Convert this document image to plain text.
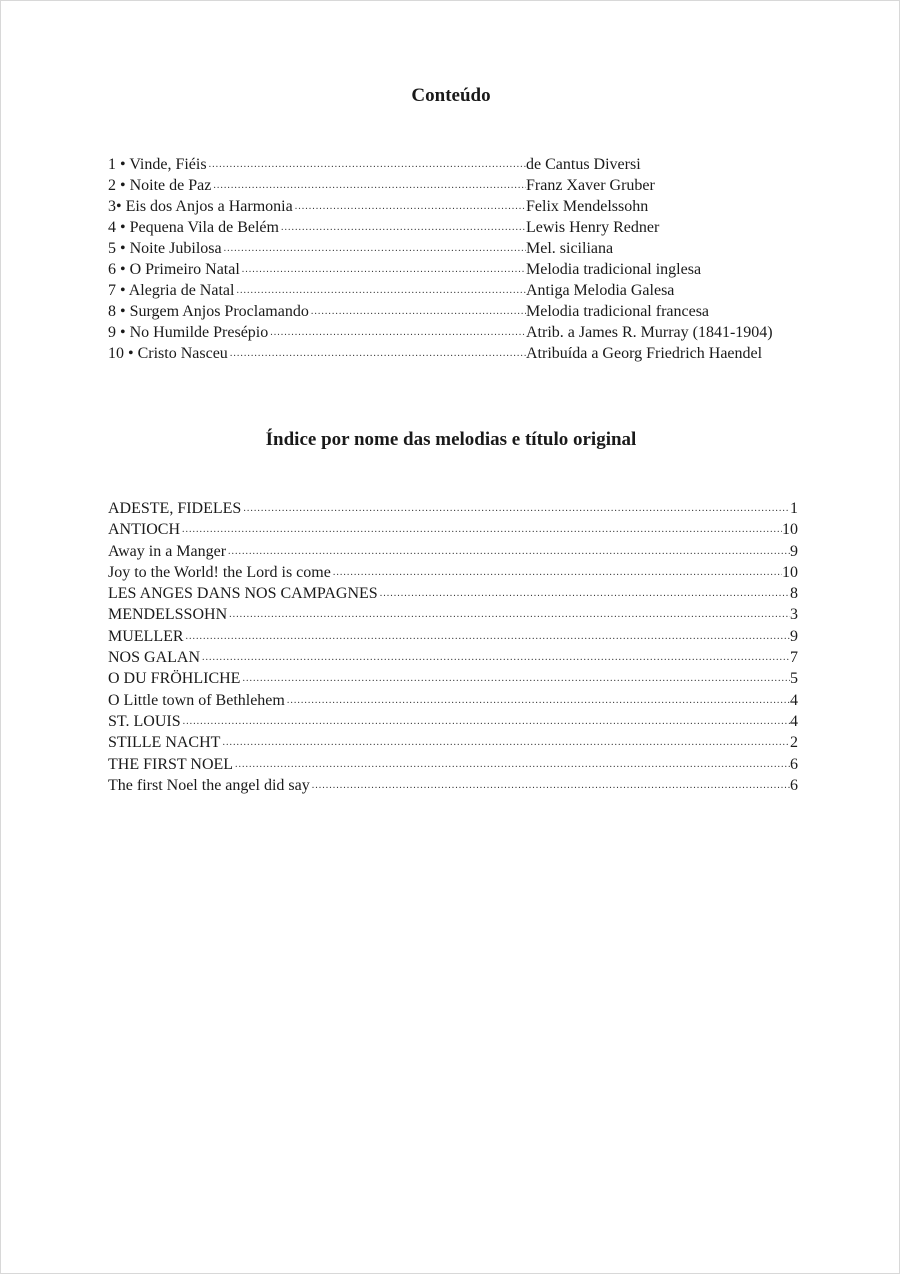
Conteúdo
1 • Vinde, Fiéis .....	de Cantus Diversi
2 • Noite de Paz .....	Franz Xaver Gruber
3• Eis dos Anjos a Harmonia .....	Felix Mendelssohn
4 • Pequena Vila de Belém .....	Lewis Henry Redner
5 • Noite Jubilosa .....	Mel. siciliana
6 • O Primeiro Natal .....	Melodia tradicional inglesa
7 • Alegria de Natal .....	Antiga Melodia Galesa
8 • Surgem Anjos Proclamando .....	Melodia tradicional francesa
9 • No Humilde Presépio .....	Atrib. a James R. Murray (1841-1904)
10 • Cristo Nasceu .....	Atribuída a Georg Friedrich Haendel
Índice por nome das melodias e título original
ADESTE, FIDELES .....	1
ANTIOCH .....	10
Away in a Manger .....	9
Joy to the World! the Lord is come .....	10
LES ANGES DANS NOS CAMPAGNES .....	8
MENDELSSOHN .....	3
MUELLER .....	9
NOS GALAN .....	7
O DU FRÖHLICHE .....	5
O Little town of Bethlehem .....	4
ST. LOUIS .....	4
STILLE NACHT .....	2
THE FIRST NOEL .....	6
The first Noel the angel did say .....	6
